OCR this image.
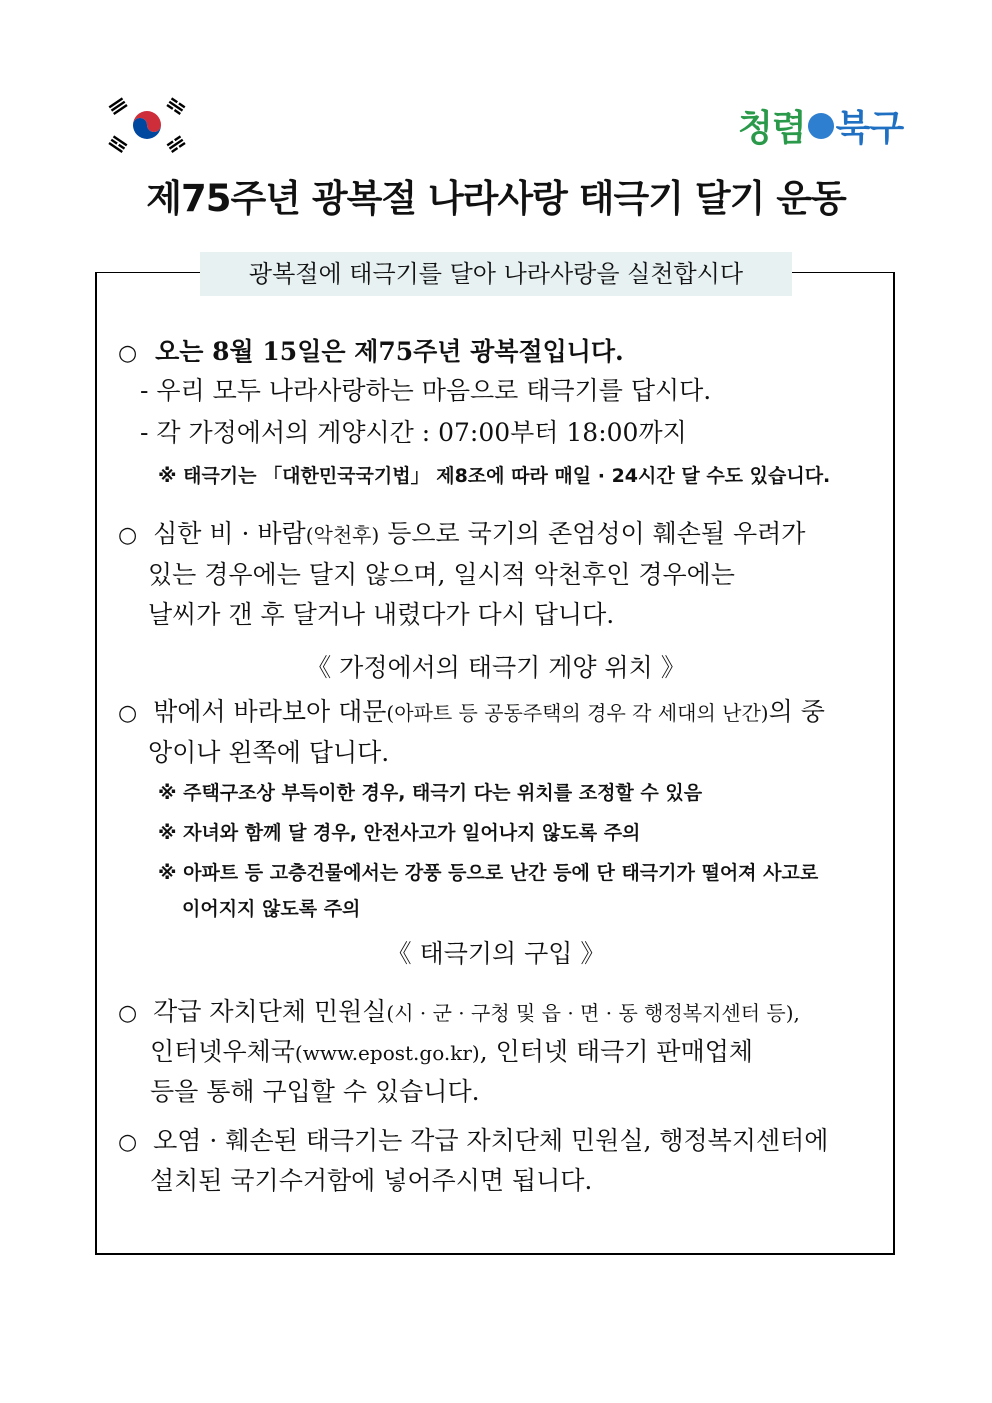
청렴 북구
제75주년 광복절 나라사랑 태극기 달기 운동
광복절에 태극기를 달아 나라사랑을 실천합시다
○ 오는 8월 15일은 제75주년 광복절입니다.
- 우리 모두 나라사랑하는 마음으로 태극기를 답시다.
- 각 가정에서의 게양시간 : 07:00부터 18:00까지
※ 태극기는 「대한민국국기법」 제8조에 따라 매일 · 24시간 달 수도 있습니다.
○ 심한 비 · 바람(악천후) 등으로 국기의 존엄성이 훼손될 우려가
있는 경우에는 달지 않으며, 일시적 악천후인 경우에는
날씨가 갠 후 달거나 내렸다가 다시 답니다.
《 가정에서의 태극기 게양 위치 》
○ 밖에서 바라보아 대문(아파트 등 공동주택의 경우 각 세대의 난간)의 중
앙이나 왼쪽에 답니다.
※ 주택구조상 부득이한 경우, 태극기 다는 위치를 조정할 수 있음
※ 자녀와 함께 달 경우, 안전사고가 일어나지 않도록 주의
※ 아파트 등 고층건물에서는 강풍 등으로 난간 등에 단 태극기가 떨어져 사고로
이어지지 않도록 주의
《 태극기의 구입 》
○ 각급 자치단체 민원실(시 · 군 · 구청 및 읍 · 면 · 동 행정복지센터 등),
인터넷우체국(www.epost.go.kr), 인터넷 태극기 판매업체
등을 통해 구입할 수 있습니다.
○ 오염 · 훼손된 태극기는 각급 자치단체 민원실, 행정복지센터에
설치된 국기수거함에 넣어주시면 됩니다.
